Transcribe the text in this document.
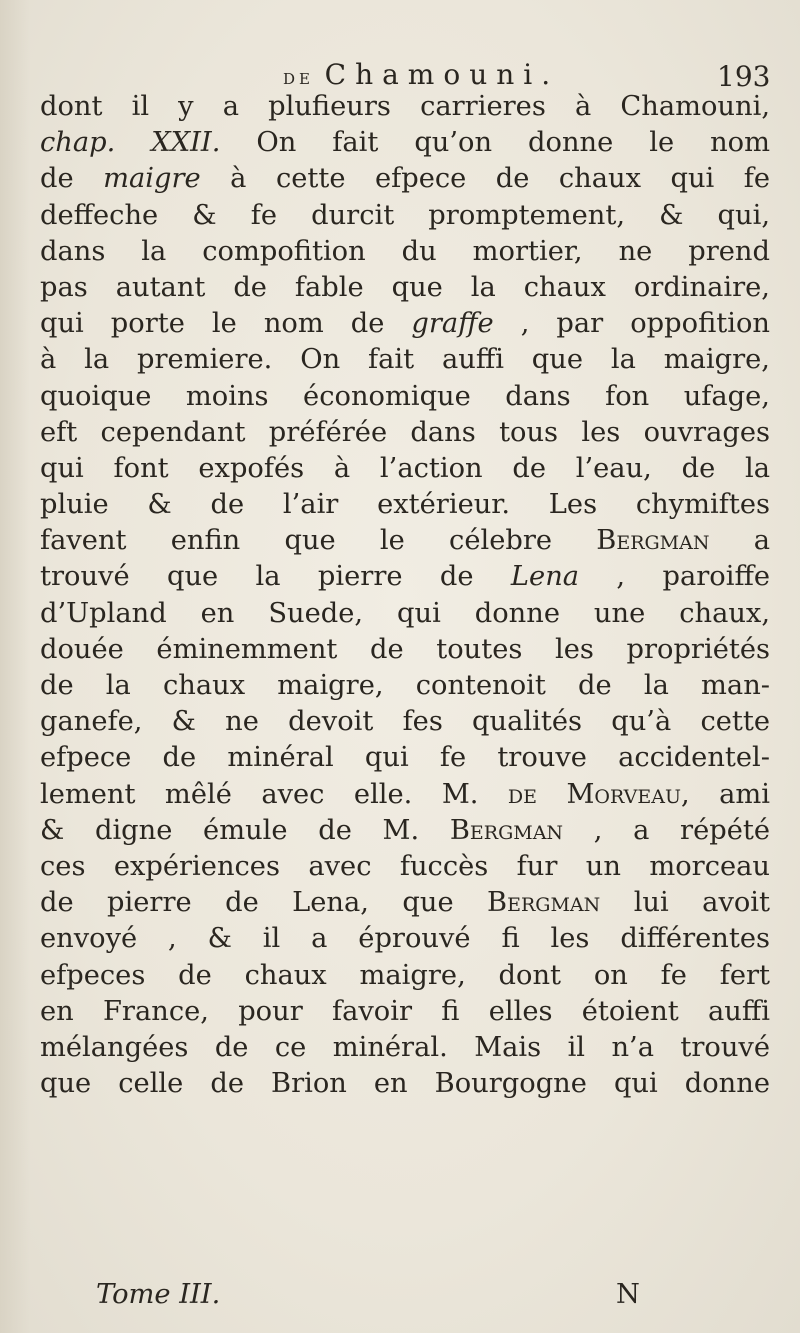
de Chamouni.	193
dont il y a plufieurs carrieres à Chamouni,
chap. XXII. On fait qu’on donne le nom
de maigre à cette efpece de chaux qui fe
deffeche & fe durcit promptement, & qui,
dans la compofition du mortier, ne prend
pas autant de fable que la chaux ordinaire,
qui porte le nom de graffe , par oppofition
à la premiere. On fait auffi que la maigre,
quoique moins économique dans fon ufage,
eft cependant préférée dans tous les ouvrages
qui font expofés à l’action de l’eau, de la
pluie & de l’air extérieur. Les chymiftes
favent enfin que le célebre Bergman a
trouvé que la pierre de Lena , paroiffe
d’Upland en Suede, qui donne une chaux,
douée éminemment de toutes les propriétés
de la chaux maigre, contenoit de la man-
ganefe, & ne devoit fes qualités qu’à cette
efpece de minéral qui fe trouve accidentel-
lement mêlé avec elle. M. de Morveau, ami
& digne émule de M. Bergman , a répété
ces expériences avec fuccès fur un morceau
de pierre de Lena, que Bergman lui avoit
envoyé , & il a éprouvé fi les différentes
efpeces de chaux maigre, dont on fe fert
en France, pour favoir fi elles étoient auffi
mélangées de ce minéral. Mais il n’a trouvé
que celle de Brion en Bourgogne qui donne
Tome III.	N
